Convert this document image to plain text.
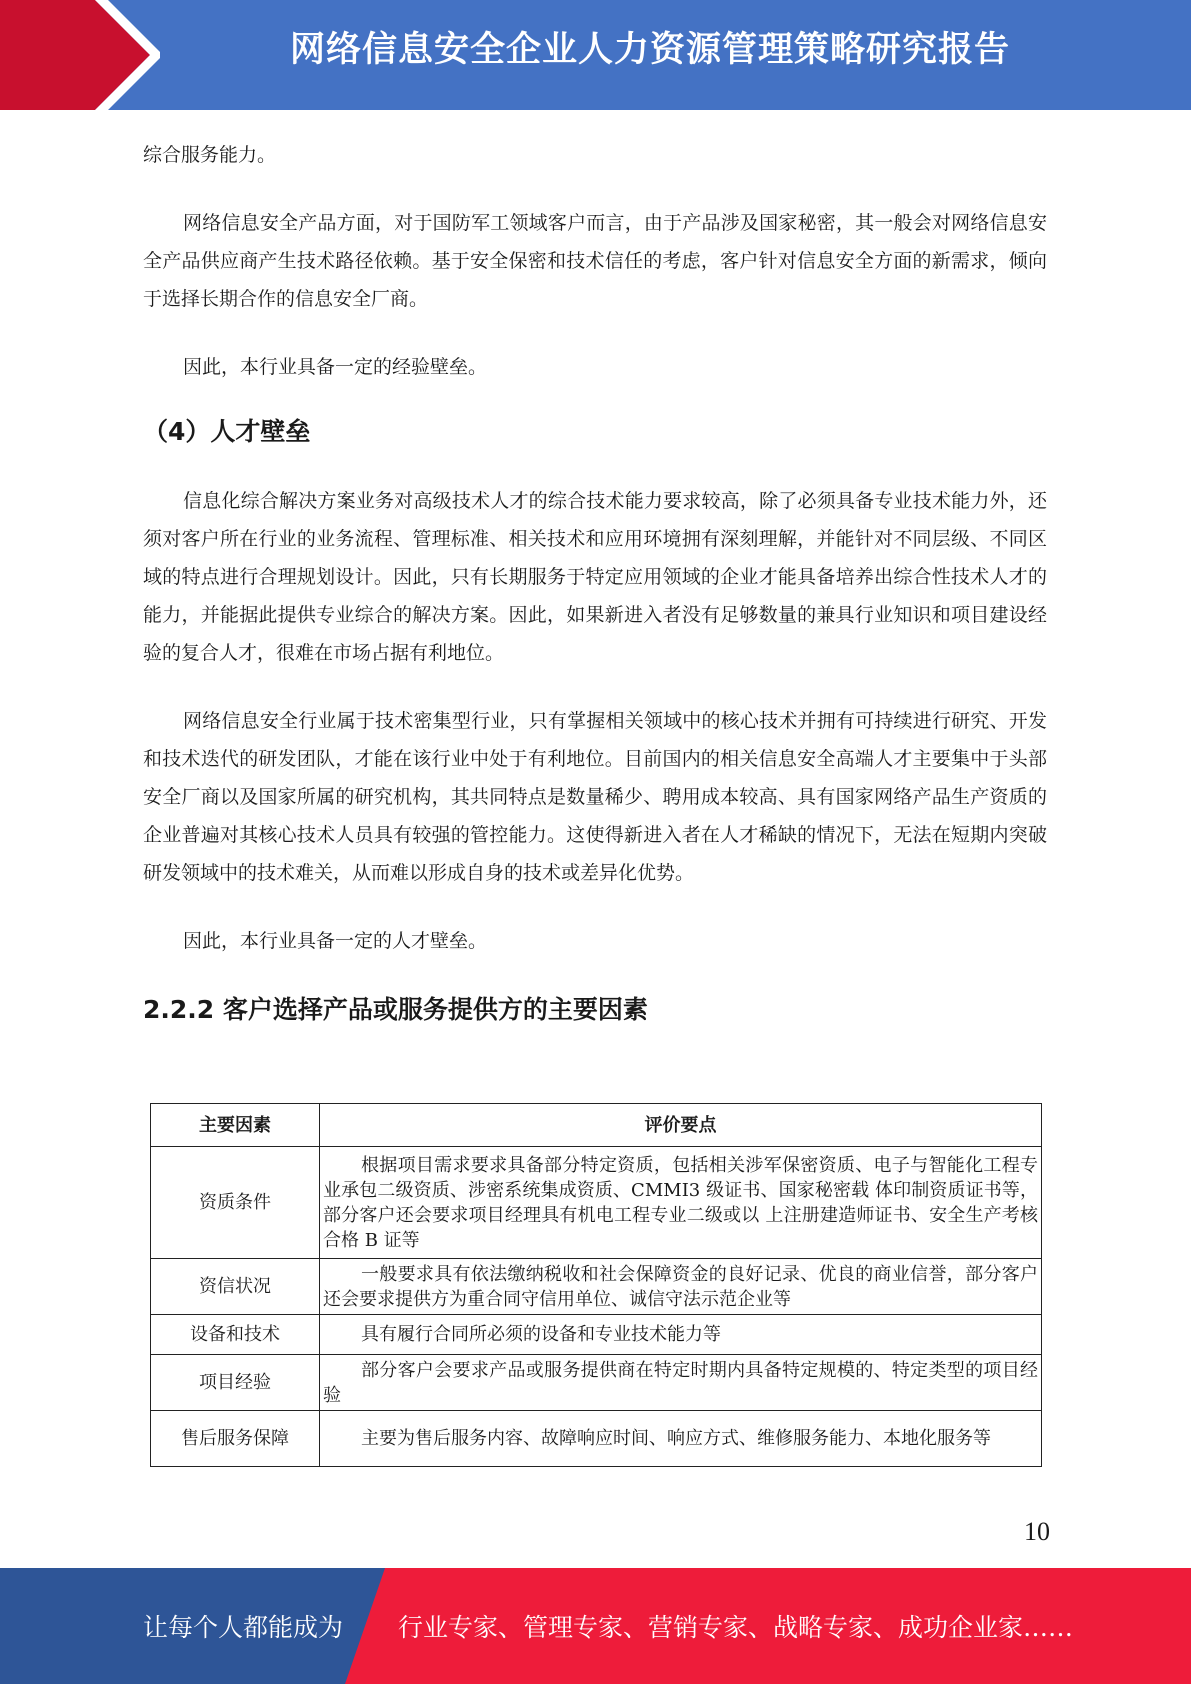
网络信息安全企业人力资源管理策略研究报告

综合服务能力。

网络信息安全产品方面，对于国防军工领域客户而言，由于产品涉及国家秘密，其一般会对网络信息安全产品供应商产生技术路径依赖。基于安全保密和技术信任的考虑，客户针对信息安全方面的新需求，倾向于选择长期合作的信息安全厂商。

因此，本行业具备一定的经验壁垒。

（4）人才壁垒

信息化综合解决方案业务对高级技术人才的综合技术能力要求较高，除了必须具备专业技术能力外，还须对客户所在行业的业务流程、管理标准、相关技术和应用环境拥有深刻理解，并能针对不同层级、不同区域的特点进行合理规划设计。因此，只有长期服务于特定应用领域的企业才能具备培养出综合性技术人才的能力，并能据此提供专业综合的解决方案。因此，如果新进入者没有足够数量的兼具行业知识和项目建设经验的复合人才，很难在市场占据有利地位。

网络信息安全行业属于技术密集型行业，只有掌握相关领域中的核心技术并拥有可持续进行研究、开发和技术迭代的研发团队，才能在该行业中处于有利地位。目前国内的相关信息安全高端人才主要集中于头部安全厂商以及国家所属的研究机构，其共同特点是数量稀少、聘用成本较高、具有国家网络产品生产资质的企业普遍对其核心技术人员具有较强的管控能力。这使得新进入者在人才稀缺的情况下，无法在短期内突破研发领域中的技术难关，从而难以形成自身的技术或差异化优势。

因此，本行业具备一定的人才壁垒。

2.2.2 客户选择产品或服务提供方的主要因素
主要因素	评价要点
资质条件	根据项目需求要求具备部分特定资质，包括相关涉军保密资质、电子与智能化工程专业承包二级资质、涉密系统集成资质、CMMI3 级证书、国家秘密载 体印制资质证书等，部分客户还会要求项目经理具有机电工程专业二级或以 上注册建造师证书、安全生产考核合格 B 证等
资信状况	一般要求具有依法缴纳税收和社会保障资金的良好记录、优良的商业信誉，部分客户还会要求提供方为重合同守信用单位、诚信守法示范企业等
设备和技术	具有履行合同所必须的设备和专业技术能力等
项目经验	部分客户会要求产品或服务提供商在特定时期内具备特定规模的、特定类型的项目经验
售后服务保障	主要为售后服务内容、故障响应时间、响应方式、维修服务能力、本地化服务等
10
让每个人都能成为 行业专家、管理专家、营销专家、战略专家、成功企业家……
